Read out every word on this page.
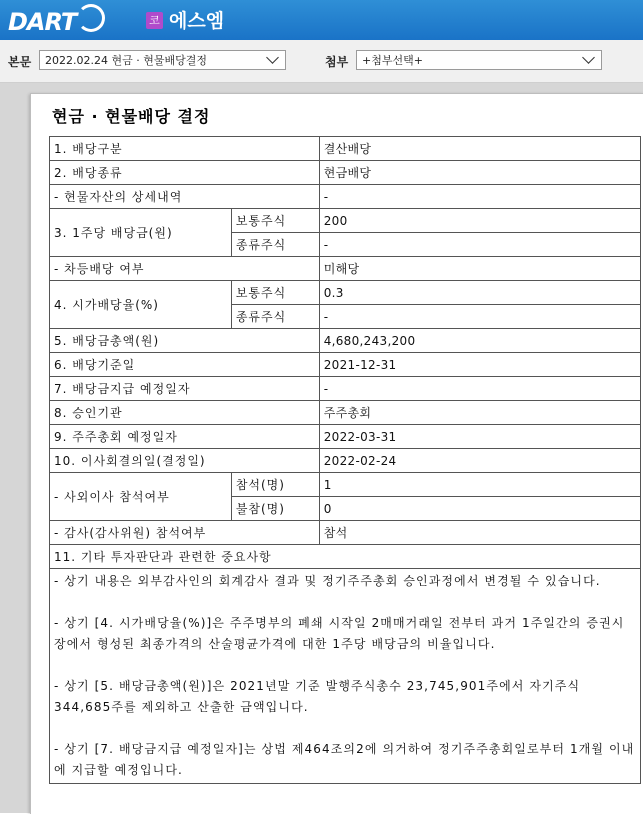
DART	코 에스엠
본문	2022.02.24 현금 · 현물배당결정	첨부	+첨부선택+
현금 · 현물배당 결정
1. 배당구분		결산배당
2. 배당종류		현금배당
- 현물자산의 상세내역		-
3. 1주당 배당금(원)	보통주식	200
	종류주식	-
- 차등배당 여부		미해당
4. 시가배당율(%)	보통주식	0.3
	종류주식	-
5. 배당금총액(원)		4,680,243,200
6. 배당기준일		2021-12-31
7. 배당금지급 예정일자		-
8. 승인기관		주주총회
9. 주주총회 예정일자		2022-03-31
10. 이사회결의일(결정일)		2022-02-24
- 사외이사 참석여부	참석(명)	1
	불참(명)	0
- 감사(감사위원) 참석여부		참석
11. 기타 투자판단과 관련한 중요사항		

- 상기 내용은 외부감사인의 회계감사 결과 및 정기주주총회 승인과정에서 변경될 수 있습니다.

- 상기 [4. 시가배당율(%)]은 주주명부의 폐쇄 시작일 2매매거래일 전부터 과거 1주일간의 증권시장에서 형성된 최종가격의 산술평균가격에 대한 1주당 배당금의 비율입니다.

- 상기 [5. 배당금총액(원)]은 2021년말 기준 발행주식총수 23,745,901주에서 자기주식 344,685주를 제외하고 산출한 금액입니다.

- 상기 [7. 배당금지급 예정일자]는 상법 제464조의2에 의거하여 정기주주총회일로부터 1개월 이내에 지급할 예정입니다.		
